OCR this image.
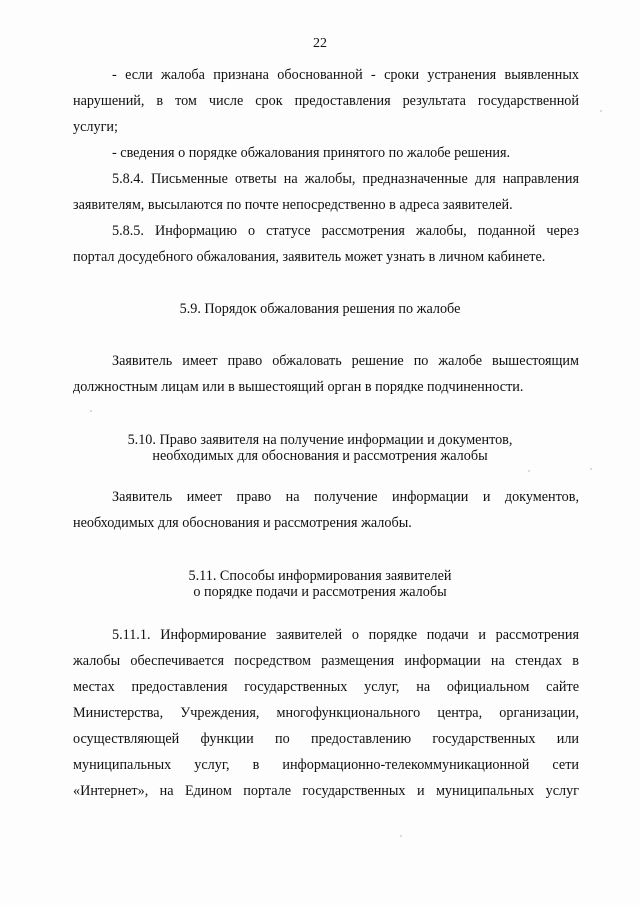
22
- если жалоба признана обоснованной - сроки устранения выявленных
нарушений, в том числе срок предоставления результата государственной
услуги;
- сведения о порядке обжалования принятого по жалобе решения.
5.8.4. Письменные ответы на жалобы, предназначенные для направления
заявителям, высылаются по почте непосредственно в адреса заявителей.
5.8.5. Информацию о статусе рассмотрения жалобы, поданной через
портал досудебного обжалования, заявитель может узнать в личном кабинете.
5.9. Порядок обжалования решения по жалобе
Заявитель имеет право обжаловать решение по жалобе вышестоящим
должностным лицам или в вышестоящий орган в порядке подчиненности.
5.10. Право заявителя на получение информации и документов,
необходимых для обоснования и рассмотрения жалобы
Заявитель имеет право на получение информации и документов,
необходимых для обоснования и рассмотрения жалобы.
5.11. Способы информирования заявителей
о порядке подачи и рассмотрения жалобы
5.11.1. Информирование заявителей о порядке подачи и рассмотрения
жалобы обеспечивается посредством размещения информации на стендах в
местах предоставления государственных услуг, на официальном сайте
Министерства, Учреждения, многофункционального центра, организации,
осуществляющей функции по предоставлению государственных или
муниципальных услуг, в информационно-телекоммуникационной сети
«Интернет», на Едином портале государственных и муниципальных услуг
